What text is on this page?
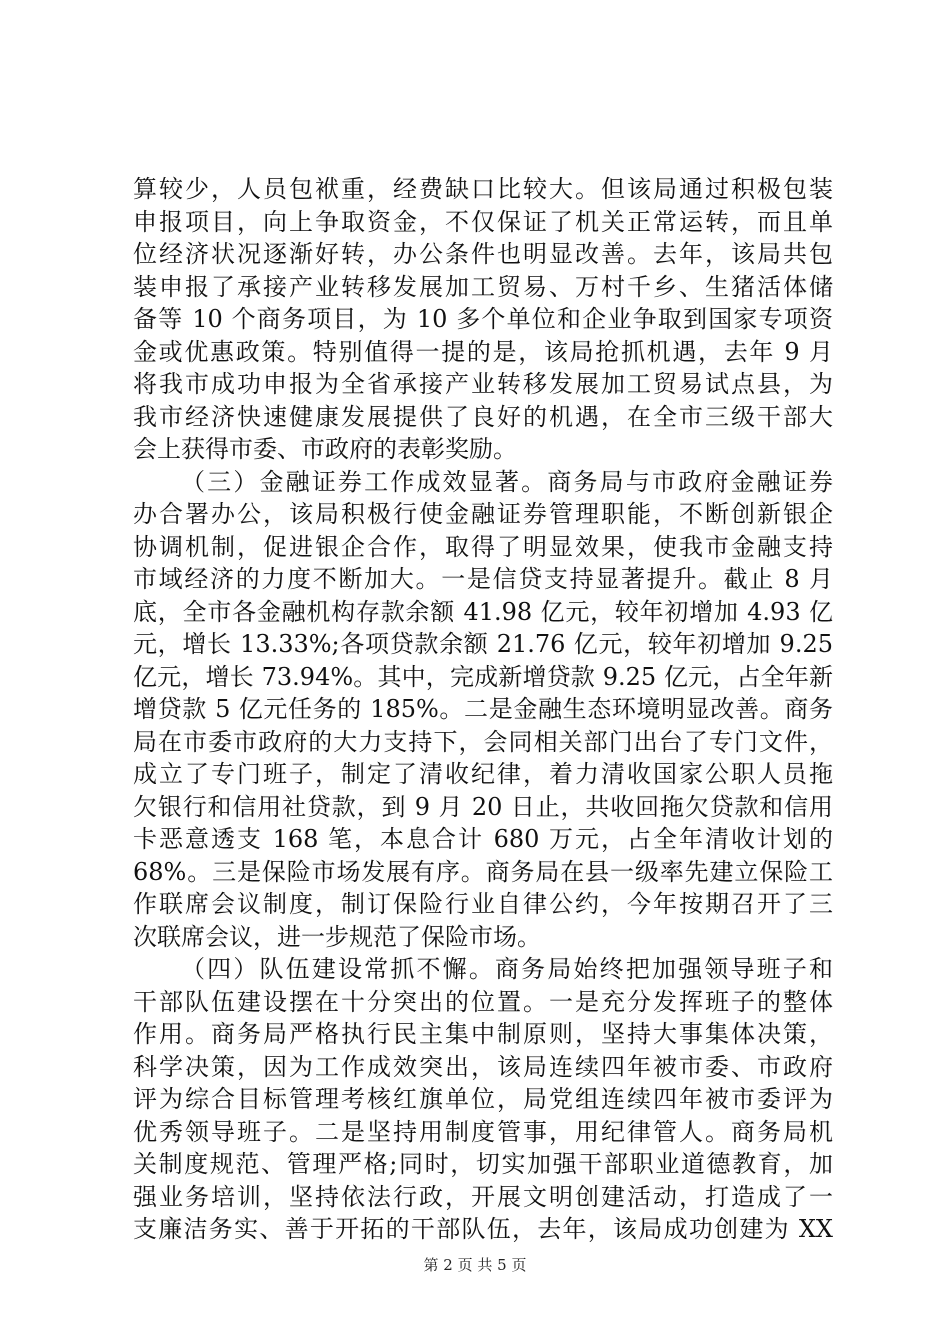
算较少，人员包袱重，经费缺口比较大。但该局通过积极包装
申报项目，向上争取资金，不仅保证了机关正常运转，而且单
位经济状况逐渐好转，办公条件也明显改善。去年，该局共包
装申报了承接产业转移发展加工贸易、万村千乡、生猪活体储
备等 10 个商务项目，为 10 多个单位和企业争取到国家专项资
金或优惠政策。特别值得一提的是，该局抢抓机遇，去年 9 月
将我市成功申报为全省承接产业转移发展加工贸易试点县，为
我市经济快速健康发展提供了良好的机遇，在全市三级干部大
会上获得市委、市政府的表彰奖励。
（三）金融证券工作成效显著。商务局与市政府金融证券
办合署办公，该局积极行使金融证券管理职能，不断创新银企
协调机制，促进银企合作，取得了明显效果，使我市金融支持
市域经济的力度不断加大。一是信贷支持显著提升。截止 8 月
底，全市各金融机构存款余额 41.98 亿元，较年初增加 4.93 亿
元，增长 13.33%;各项贷款余额 21.76 亿元，较年初增加 9.25
亿元，增长 73.94%。其中，完成新增贷款 9.25 亿元，占全年新
增贷款 5 亿元任务的 185%。二是金融生态环境明显改善。商务
局在市委市政府的大力支持下，会同相关部门出台了专门文件，
成立了专门班子，制定了清收纪律，着力清收国家公职人员拖
欠银行和信用社贷款，到 9 月 20 日止，共收回拖欠贷款和信用
卡恶意透支 168 笔，本息合计 680 万元，占全年清收计划的
68%。三是保险市场发展有序。商务局在县一级率先建立保险工
作联席会议制度，制订保险行业自律公约，今年按期召开了三
次联席会议，进一步规范了保险市场。
（四）队伍建设常抓不懈。商务局始终把加强领导班子和
干部队伍建设摆在十分突出的位置。一是充分发挥班子的整体
作用。商务局严格执行民主集中制原则，坚持大事集体决策，
科学决策，因为工作成效突出，该局连续四年被市委、市政府
评为综合目标管理考核红旗单位，局党组连续四年被市委评为
优秀领导班子。二是坚持用制度管事，用纪律管人。商务局机
关制度规范、管理严格;同时，切实加强干部职业道德教育，加
强业务培训，坚持依法行政，开展文明创建活动，打造成了一
支廉洁务实、善于开拓的干部队伍，去年，该局成功创建为 XX
第 2 页 共 5 页
